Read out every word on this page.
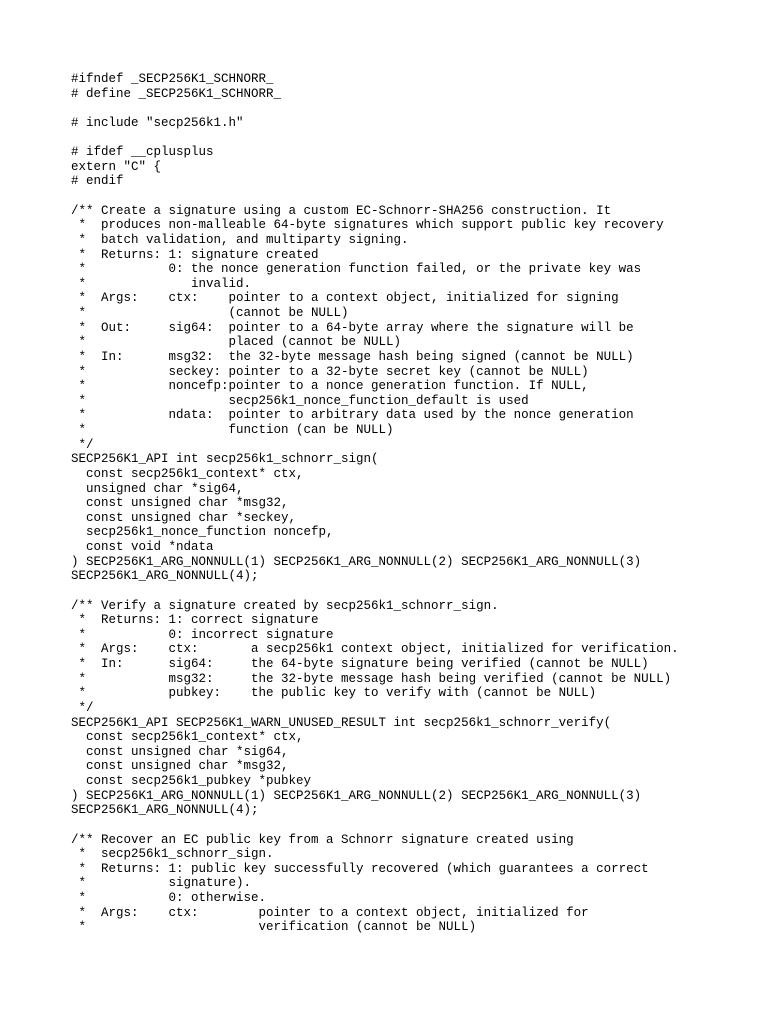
#ifndef _SECP256K1_SCHNORR_
# define _SECP256K1_SCHNORR_
# include "secp256k1.h"
# ifdef __cplusplus
extern "C" {
# endif
/** Create a signature using a custom EC-Schnorr-SHA256 construction. It
*  produces non-malleable 64-byte signatures which support public key recovery
*  batch validation, and multiparty signing.
*  Returns: 1: signature created
*           0: the nonce generation function failed, or the private key was
*              invalid.
*  Args:    ctx:    pointer to a context object, initialized for signing
*                   (cannot be NULL)
*  Out:     sig64:  pointer to a 64-byte array where the signature will be
*                   placed (cannot be NULL)
*  In:      msg32:  the 32-byte message hash being signed (cannot be NULL)
*           seckey: pointer to a 32-byte secret key (cannot be NULL)
*           noncefp:pointer to a nonce generation function. If NULL,
*                   secp256k1_nonce_function_default is used
*           ndata:  pointer to arbitrary data used by the nonce generation
*                   function (can be NULL)
*/
SECP256K1_API int secp256k1_schnorr_sign(
const secp256k1_context* ctx,
unsigned char *sig64,
const unsigned char *msg32,
const unsigned char *seckey,
secp256k1_nonce_function noncefp,
const void *ndata
) SECP256K1_ARG_NONNULL(1) SECP256K1_ARG_NONNULL(2) SECP256K1_ARG_NONNULL(3)
SECP256K1_ARG_NONNULL(4);
/** Verify a signature created by secp256k1_schnorr_sign.
*  Returns: 1: correct signature
*           0: incorrect signature
*  Args:    ctx:       a secp256k1 context object, initialized for verification.
*  In:      sig64:     the 64-byte signature being verified (cannot be NULL)
*           msg32:     the 32-byte message hash being verified (cannot be NULL)
*           pubkey:    the public key to verify with (cannot be NULL)
*/
SECP256K1_API SECP256K1_WARN_UNUSED_RESULT int secp256k1_schnorr_verify(
const secp256k1_context* ctx,
const unsigned char *sig64,
const unsigned char *msg32,
const secp256k1_pubkey *pubkey
) SECP256K1_ARG_NONNULL(1) SECP256K1_ARG_NONNULL(2) SECP256K1_ARG_NONNULL(3)
SECP256K1_ARG_NONNULL(4);
/** Recover an EC public key from a Schnorr signature created using
*  secp256k1_schnorr_sign.
*  Returns: 1: public key successfully recovered (which guarantees a correct
*           signature).
*           0: otherwise.
*  Args:    ctx:        pointer to a context object, initialized for
*                       verification (cannot be NULL)
